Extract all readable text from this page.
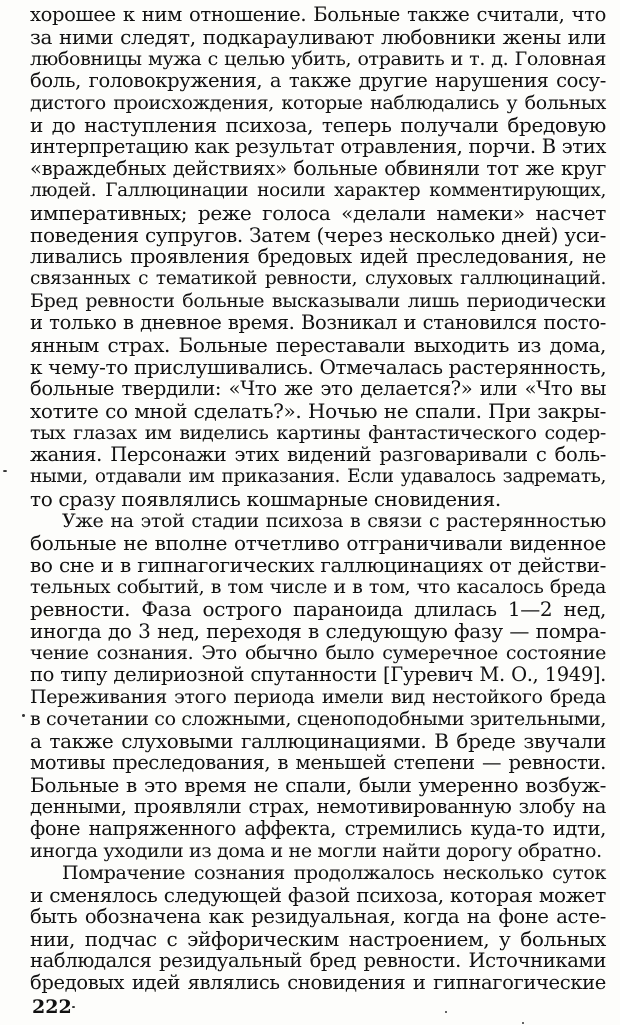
хорошее к ним отношение. Больные также считали, что
за ними следят, подкарауливают любовники жены или
любовницы мужа с целью убить, отравить и т. д. Головная
боль, головокружения, а также другие нарушения сосу-
дистого происхождения, которые наблюдались у больных
и до наступления психоза, теперь получали бредовую
интерпретацию как результат отравления, порчи. В этих
«враждебных действиях» больные обвиняли тот же круг
людей. Галлюцинации носили характер комментирующих,
императивных; реже голоса «делали намеки» насчет
поведения супругов. Затем (через несколько дней) уси-
ливались проявления бредовых идей преследования, не
связанных с тематикой ревности, слуховых галлюцинаций.
Бред ревности больные высказывали лишь периодически
и только в дневное время. Возникал и становился посто-
янным страх. Больные переставали выходить из дома,
к чему-то прислушивались. Отмечалась растерянность,
больные твердили: «Что же это делается?» или «Что вы
хотите со мной сделать?». Ночью не спали. При закры-
тых глазах им виделись картины фантастического содер-
жания. Персонажи этих видений разговаривали с боль-
ными, отдавали им приказания. Если удавалось задремать,
то сразу появлялись кошмарные сновидения.
Уже на этой стадии психоза в связи с растерянностью
больные не вполне отчетливо отграничивали виденное
во сне и в гипнагогических галлюцинациях от действи-
тельных событий, в том числе и в том, что касалось бреда
ревности. Фаза острого параноида длилась 1—2 нед,
иногда до 3 нед, переходя в следующую фазу — помра-
чение сознания. Это обычно было сумеречное состояние
по типу делириозной спутанности [Гуревич М. О., 1949].
Переживания этого периода имели вид нестойкого бреда
в сочетании со сложными, сценоподобными зрительными,
а также слуховыми галлюцинациями. В бреде звучали
мотивы преследования, в меньшей степени — ревности.
Больные в это время не спали, были умеренно возбуж-
денными, проявляли страх, немотивированную злобу на
фоне напряженного аффекта, стремились куда-то идти,
иногда уходили из дома и не могли найти дорогу обратно.
Помрачение сознания продолжалось несколько суток
и сменялось следующей фазой психоза, которая может
быть обозначена как резидуальная, когда на фоне асте-
нии, подчас с эйфорическим настроением, у больных
наблюдался резидуальный бред ревности. Источниками
бредовых идей являлись сновидения и гипнагогические
222
